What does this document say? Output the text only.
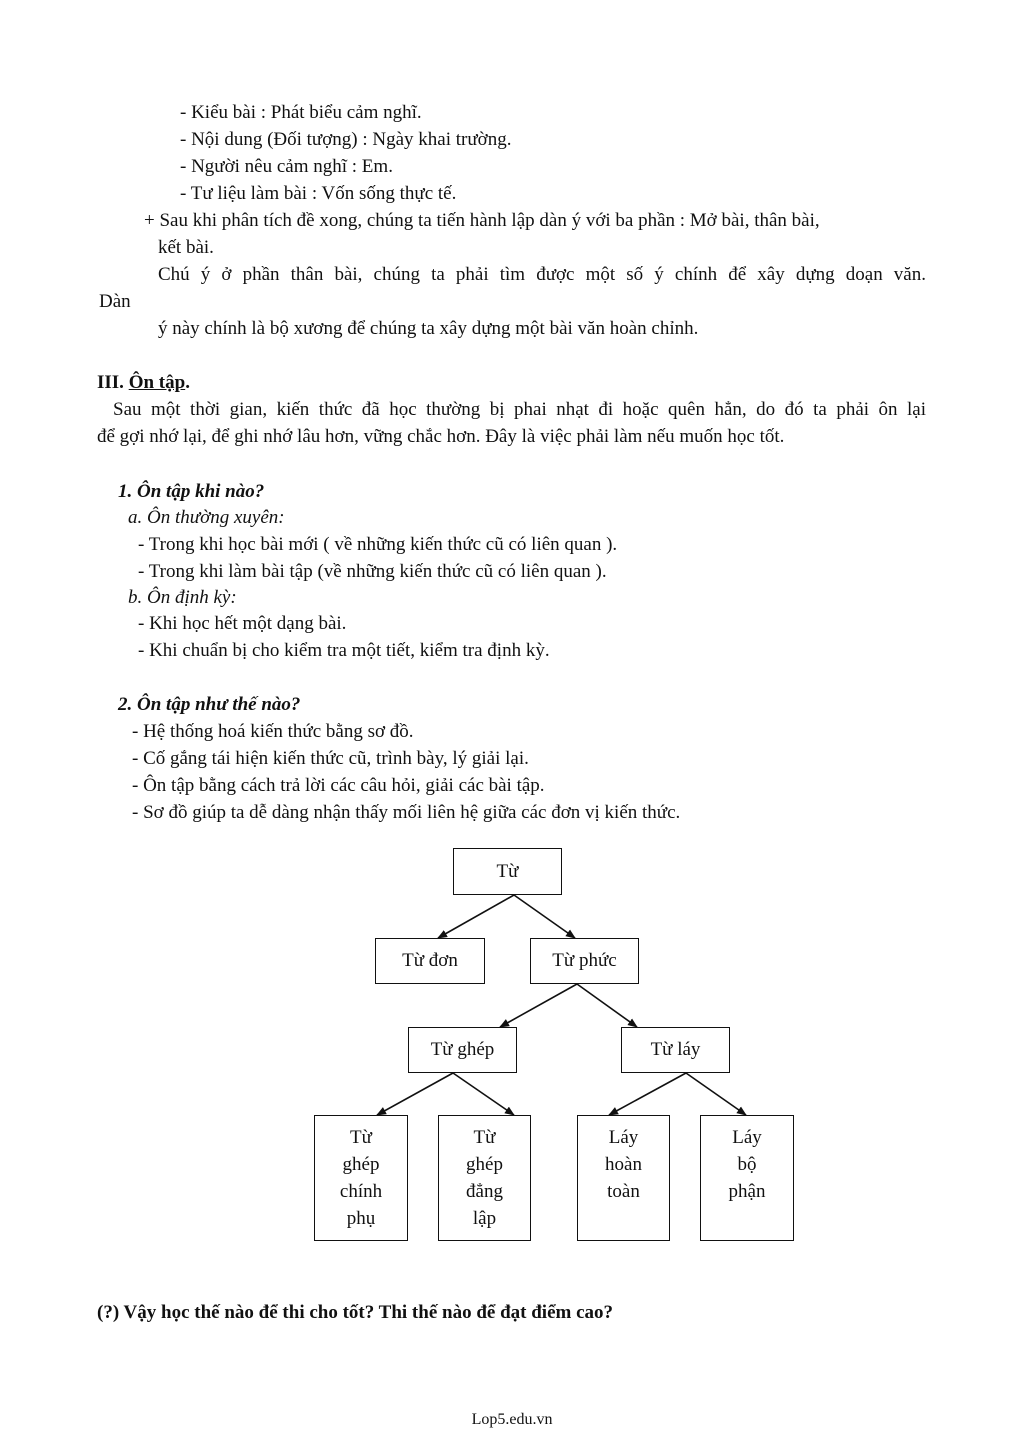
- Kiểu bài : Phát biểu cảm nghĩ.
- Nội dung (Đối tượng) : Ngày khai trường.
- Người nêu cảm nghĩ : Em.
- Tư liệu làm bài : Vốn sống thực tế.
+ Sau khi phân tích đề xong, chúng ta tiến hành lập dàn ý với ba phần : Mở bài, thân bài,
kết bài.
Chú ý ở phần thân bài, chúng ta phải tìm được một số ý chính để xây dựng doạn văn.
Dàn
ý này chính là bộ xương để chúng ta xây dựng một bài văn hoàn chỉnh.
III. Ôn tập.
Sau một thời gian, kiến thức đã học thường bị phai nhạt đi hoặc quên hẳn, do đó ta phải ôn lại
để gợi nhớ lại, để ghi nhớ lâu hơn, vững chắc hơn. Đây là việc phải làm nếu muốn học tốt.
1. Ôn tập khi nào?
a. Ôn thường xuyên:
- Trong khi học bài mới ( về những kiến thức cũ có liên quan ).
- Trong khi làm bài tập (về những kiến thức cũ có liên quan ).
b. Ôn định kỳ:
- Khi học hết một dạng bài.
- Khi chuẩn bị cho kiểm tra một tiết, kiểm tra định kỳ.
2. Ôn tập như thế nào?
- Hệ thống hoá kiến thức bằng sơ đồ.
- Cố gắng tái hiện kiến thức cũ, trình bày, lý giải lại.
- Ôn tập bằng cách trả lời các câu hỏi, giải các bài tập.
- Sơ đồ giúp ta dễ dàng nhận thấy mối liên hệ giữa các đơn vị kiến thức.
Từ
Từ đơn	Từ phức
Từ ghép	Từ láy
Từ
ghép
chính
phụ
Từ
ghép
đẳng
lập
Láy
hoàn
toàn
Láy
bộ
phận
(?) Vậy học thế nào để thi cho tốt? Thi thế nào để đạt điểm cao?
Lop5.edu.vn
